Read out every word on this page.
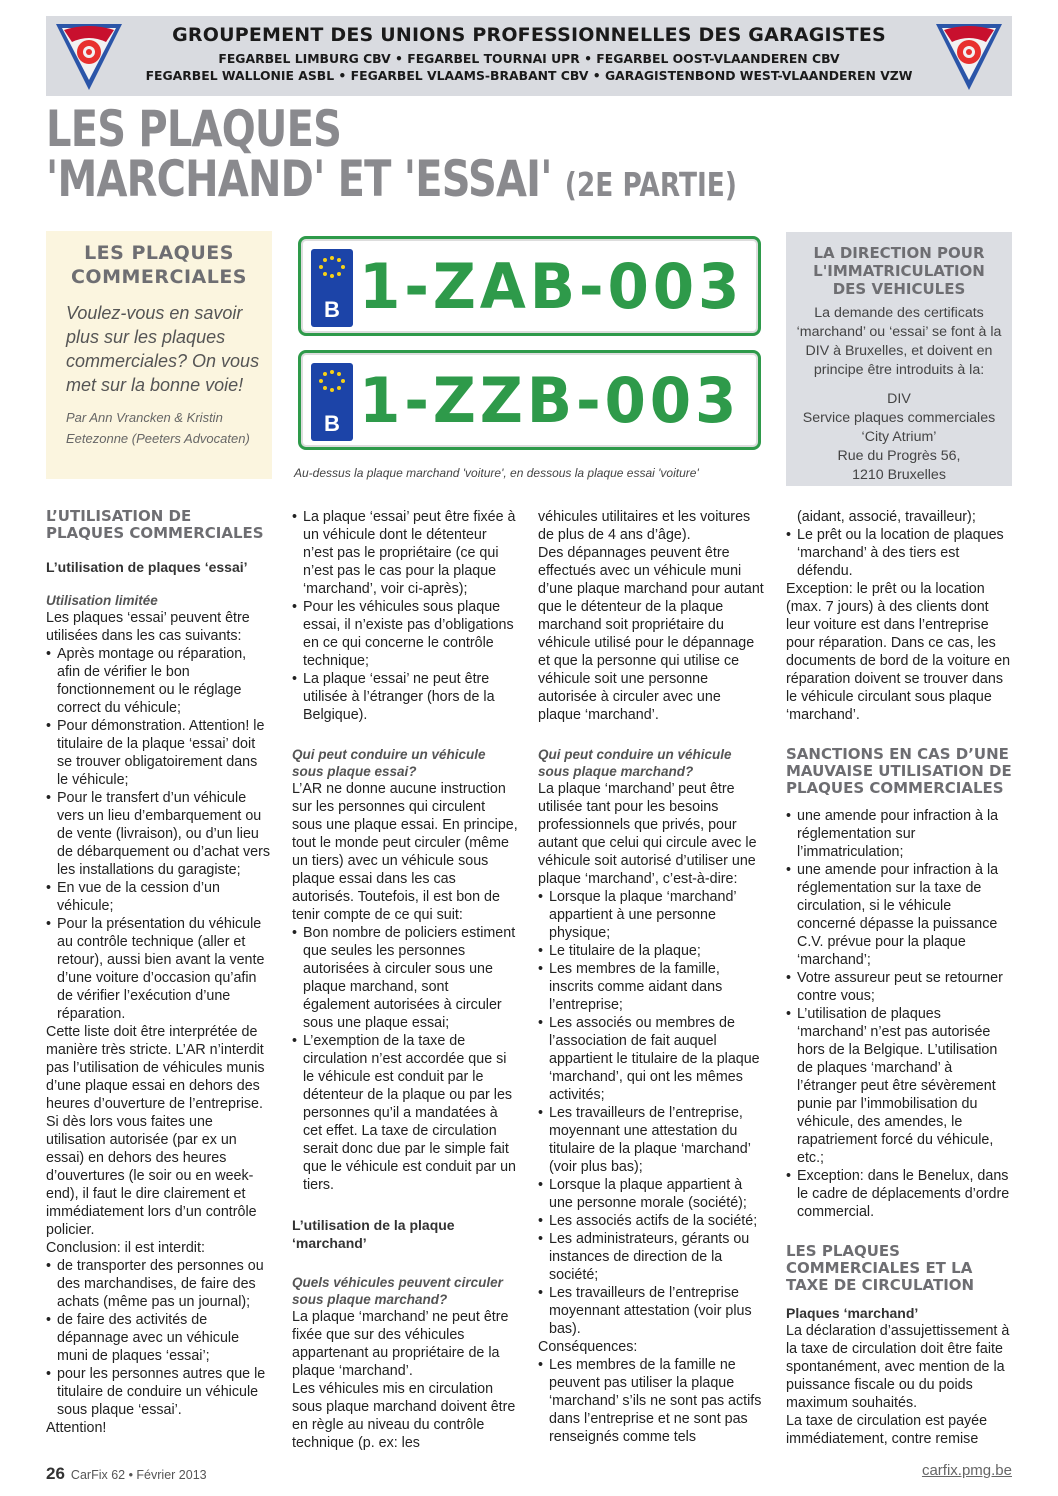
GROUPEMENT DES UNIONS PROFESSIONNELLES DES GARAGISTES
FEGARBEL LIMBURG CBV • FEGARBEL TOURNAI UPR • FEGARBEL OOST-VLAANDEREN CBV
FEGARBEL WALLONIE ASBL • FEGARBEL VLAAMS-BRABANT CBV • GARAGISTENBOND WEST-VLAANDEREN VZW
LES PLAQUES
'MARCHAND' ET 'ESSAI' (2E PARTIE)
LES PLAQUES COMMERCIALES

Voulez-vous en savoir plus sur les plaques commerciales? On vous met sur la bonne voie!

Par Ann Vrancken & Kristin Eetezonne (Peeters Advocaten)

B 1-ZAB-003
B 1-ZZB-003

Au-dessus la plaque marchand 'voiture', en dessous la plaque essai 'voiture'

LA DIRECTION POUR L'IMMATRICULATION DES VEHICULES

La demande des certificats ‘marchand’ ou ‘essai’ se font à la DIV à Bruxelles, et doivent en principe être introduits à la:

DIV

Service plaques commerciales

‘City Atrium’

Rue du Progrès 56,

1210 Bruxelles

L’UTILISATION DE PLAQUES COMMERCIALES
L’utilisation de plaques ‘essai’
Utilisation limitée

Les plaques ‘essai’ peuvent être utilisées dans les cas suivants:

• Après montage ou réparation, afin de vérifier le bon fonctionnement ou le réglage correct du véhicule;
• Pour démonstration. Attention! le titulaire de la plaque ‘essai’ doit se trouver obligatoirement dans le véhicule;
• Pour le transfert d’un véhicule vers un lieu d’embarquement ou de vente (livraison), ou d’un lieu de débarquement ou d’achat vers les installations du garagiste;
• En vue de la cession d’un véhicule;
• Pour la présentation du véhicule au contrôle technique (aller et retour), aussi bien avant la vente d’une voiture d’occasion qu’afin de vérifier l’exécution d’une réparation.

Cette liste doit être interprétée de manière très stricte. L’AR n’interdit pas l’utilisation de véhicules munis d’une plaque essai en dehors des heures d’ouverture de l’entreprise. Si dès lors vous faites une utilisation autorisée (par ex un essai) en dehors des heures d’ouvertures (le soir ou en week-end), il faut le dire clairement et immédiatement lors d’un contrôle policier.

Conclusion: il est interdit:

• de transporter des personnes ou des marchandises, de faire des achats (même pas un journal);
• de faire des activités de dépannage avec un véhicule muni de plaques ‘essai’;
• pour les personnes autres que le titulaire de conduire un véhicule sous plaque ‘essai’.

Attention!

• La plaque ‘essai’ peut être fixée à un véhicule dont le détenteur n’est pas le propriétaire (ce qui n’est pas le cas pour la plaque ‘marchand’, voir ci-après);
• Pour les véhicules sous plaque essai, il n’existe pas d’obligations en ce qui concerne le contrôle technique;
• La plaque ‘essai’ ne peut être utilisée à l’étranger (hors de la Belgique).
Qui peut conduire un véhicule sous plaque essai?

L’AR ne donne aucune instruction sur les personnes qui circulent sous une plaque essai. En principe, tout le monde peut circuler (même un tiers) avec un véhicule sous plaque essai dans les cas autorisés. Toutefois, il est bon de tenir compte de ce qui suit:

• Bon nombre de policiers estiment que seules les personnes autorisées à circuler sous une plaque marchand, sont également autorisées à circuler sous une plaque essai;
• L’exemption de la taxe de circulation n’est accordée que si le véhicule est conduit par le détenteur de la plaque ou par les personnes qu’il a mandatées à cet effet. La taxe de circulation serait donc due par le simple fait que le véhicule est conduit par un tiers.
L’utilisation de la plaque ‘marchand’
Quels véhicules peuvent circuler sous plaque marchand?

La plaque ‘marchand’ ne peut être fixée que sur des véhicules appartenant au propriétaire de la plaque ‘marchand’.

Les véhicules mis en circulation sous plaque marchand doivent être en règle au niveau du contrôle technique (p. ex: les

véhicules utilitaires et les voitures de plus de 4 ans d’âge).

Des dépannages peuvent être effectués avec un véhicule muni d’une plaque marchand pour autant que le détenteur de la plaque marchand soit propriétaire du véhicule utilisé pour le dépannage et que la personne qui utilise ce véhicule soit une personne autorisée à circuler avec une plaque ‘marchand’.

Qui peut conduire un véhicule sous plaque marchand?

La plaque ‘marchand’ peut être utilisée tant pour les besoins professionnels que privés, pour autant que celui qui circule avec le véhicule soit autorisé d’utiliser une plaque ‘marchand’, c’est-à-dire:

• Lorsque la plaque ‘marchand’ appartient à une personne physique;
• Le titulaire de la plaque;
• Les membres de la famille, inscrits comme aidant dans l’entreprise;
• Les associés ou membres de l’association de fait auquel appartient le titulaire de la plaque ‘marchand’, qui ont les mêmes activités;
• Les travailleurs de l’entreprise, moyennant une attestation du titulaire de la plaque ‘marchand’ (voir plus bas);
• Lorsque la plaque appartient à une personne morale (société);
• Les associés actifs de la société;
• Les administrateurs, gérants ou instances de direction de la société;
• Les travailleurs de l’entreprise moyennant attestation (voir plus bas).

Conséquences:

• Les membres de la famille ne peuvent pas utiliser la plaque ‘marchand’ s’ils ne sont pas actifs dans l’entreprise et ne sont pas renseignés comme tels

(aidant, associé, travailleur);

• Le prêt ou la location de plaques ‘marchand’ à des tiers est défendu.

Exception: le prêt ou la location (max. 7 jours) à des clients dont leur voiture est dans l’entreprise pour réparation. Dans ce cas, les documents de bord de la voiture en réparation doivent se trouver dans le véhicule circulant sous plaque ‘marchand’.

SANCTIONS EN CAS D’UNE MAUVAISE UTILISATION DE PLAQUES COMMERCIALES
• une amende pour infraction à la réglementation sur l’immatriculation;
• une amende pour infraction à la réglementation sur la taxe de circulation, si le véhicule concerné dépasse la puissance C.V. prévue pour la plaque ‘marchand’;
• Votre assureur peut se retourner contre vous;
• L’utilisation de plaques ‘marchand’ n’est pas autorisée hors de la Belgique. L’utilisation de plaques ‘marchand’ à l’étranger peut être sévèrement punie par l’immobilisation du véhicule, des amendes, le rapatriement forcé du véhicule, etc.;
• Exception: dans le Benelux, dans le cadre de déplacements d’ordre commercial.
LES PLAQUES COMMERCIALES ET LA TAXE DE CIRCULATION
Plaques ‘marchand’

La déclaration d’assujettissement à la taxe de circulation doit être faite spontanément, avec mention de la puissance fiscale ou du poids maximum souhaités.

La taxe de circulation est payée immédiatement, contre remise

26 CarFix 62 • Février 2013	carfix.pmg.be
